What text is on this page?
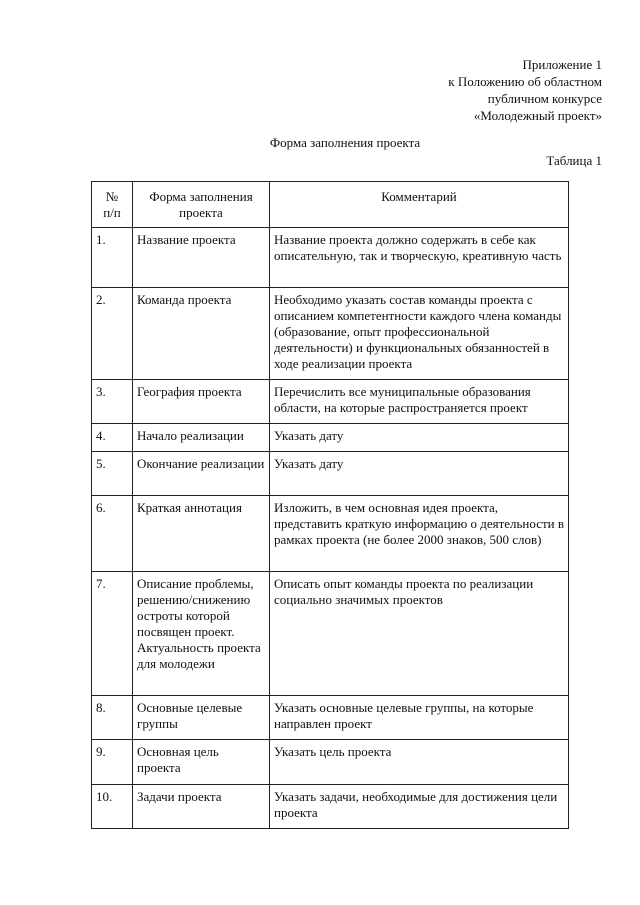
Приложение 1
к Положению об областном
публичном конкурсе
«Молодежный проект»
Форма заполнения проекта
Таблица 1
№
п/п	Форма заполнения проекта	Комментарий
1.	Название проекта	Название проекта должно содержать в себе как описательную, так и творческую, креативную часть
2.	Команда проекта	Необходимо указать состав команды проекта с описанием компетентности каждого члена команды (образование, опыт профессиональной деятельности) и функциональных обязанностей в ходе реализации проекта
3.	География проекта	Перечислить все муниципальные образования области, на которые распространяется проект
4.	Начало реализации	Указать дату
5.	Окончание реализации	Указать дату
6.	Краткая аннотация	Изложить, в чем основная идея проекта, представить краткую информацию о деятельности в рамках проекта (не более 2000 знаков, 500 слов)
7.	Описание проблемы, решению/снижению остроты которой посвящен проект. Актуальность проекта для молодежи	Описать опыт команды проекта по реализации социально значимых проектов
8.	Основные целевые группы	Указать основные целевые группы, на которые направлен проект
9.	Основная цель проекта	Указать цель проекта
10.	Задачи проекта	Указать задачи, необходимые для достижения цели проекта
